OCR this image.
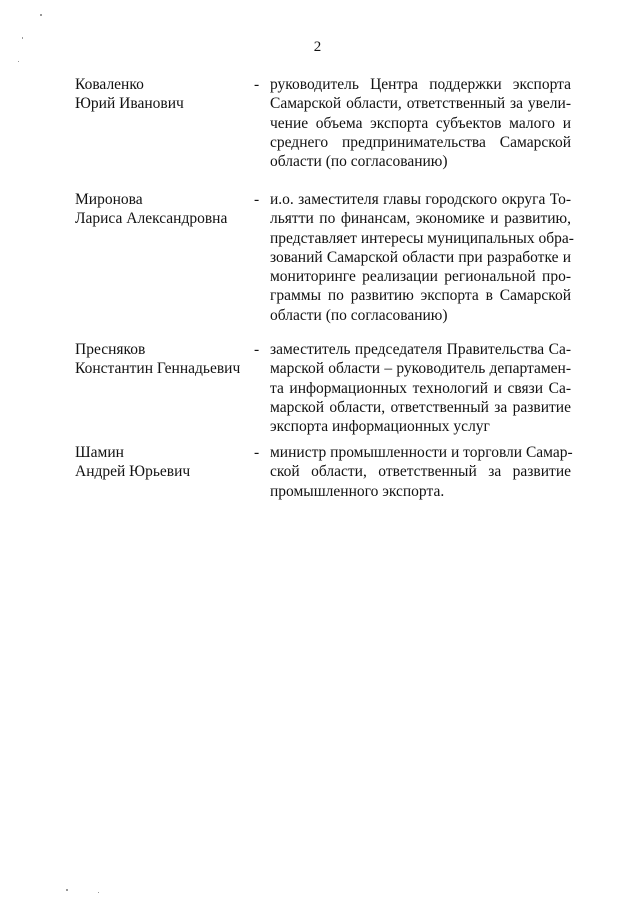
2
Коваленко
Юрий Иванович
- руководитель Центра поддержки экспорта
Самарской области, ответственный за увели-
чение объема экспорта субъектов малого и
среднего предпринимательства Самарской
области (по согласованию)
Миронова
Лариса Александровна
- и.о. заместителя главы городского округа То-
льятти по финансам, экономике и развитию,
представляет интересы муниципальных обра-
зований Самарской области при разработке и
мониторинге реализации региональной про-
граммы по развитию экспорта в Самарской
области (по согласованию)
Пресняков
Константин Геннадьевич
- заместитель председателя Правительства Са-
марской области – руководитель департамен-
та информационных технологий и связи Са-
марской области, ответственный за развитие
экспорта информационных услуг
Шамин
Андрей Юрьевич
- министр промышленности и торговли Самар-
ской области, ответственный за развитие
промышленного экспорта.
